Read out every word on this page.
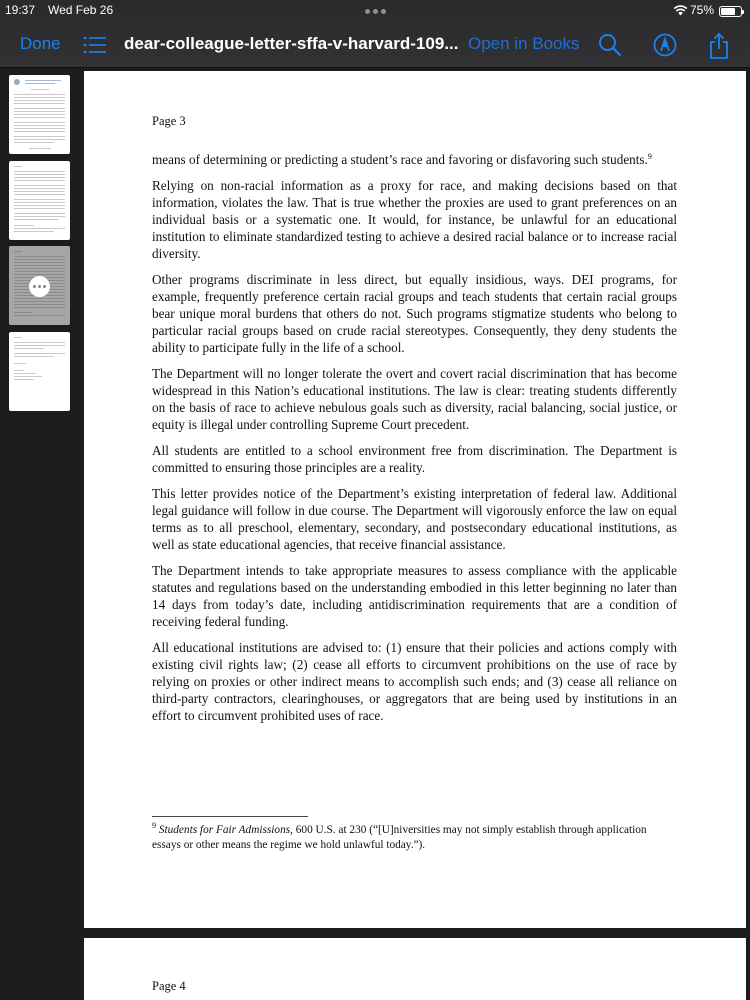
19:37 Wed Feb 26	75%
Done	dear-colleague-letter-sffa-v-harvard-109... Open in Books
Page 3

means of determining or predicting a student’s race and favoring or disfavoring such students.$^9$

Relying on non-racial information as a proxy for race, and making decisions based on that information, violates the law. That is true whether the proxies are used to grant preferences on an individual basis or a systematic one. It would, for instance, be unlawful for an educational institution to eliminate standardized testing to achieve a desired racial balance or to increase racial diversity.

Other programs discriminate in less direct, but equally insidious, ways. DEI programs, for example, frequently preference certain racial groups and teach students that certain racial groups bear unique moral burdens that others do not. Such programs stigmatize students who belong to particular racial groups based on crude racial stereotypes. Consequently, they deny students the ability to participate fully in the life of a school.

The Department will no longer tolerate the overt and covert racial discrimination that has become widespread in this Nation’s educational institutions. The law is clear: treating students differently on the basis of race to achieve nebulous goals such as diversity, racial balancing, social justice, or equity is illegal under controlling Supreme Court precedent.

All students are entitled to a school environment free from discrimination. The Department is committed to ensuring those principles are a reality.

This letter provides notice of the Department’s existing interpretation of federal law. Additional legal guidance will follow in due course. The Department will vigorously enforce the law on equal terms as to all preschool, elementary, secondary, and postsecondary educational institutions, as well as state educational agencies, that receive financial assistance.

The Department intends to take appropriate measures to assess compliance with the applicable statutes and regulations based on the understanding embodied in this letter beginning no later than 14 days from today’s date, including antidiscrimination requirements that are a condition of receiving federal funding.

All educational institutions are advised to: (1) ensure that their policies and actions comply with existing civil rights law; (2) cease all efforts to circumvent prohibitions on the use of race by relying on proxies or other indirect means to accomplish such ends; and (3) cease all reliance on third-party contractors, clearinghouses, or aggregators that are being used by institutions in an effort to circumvent prohibited uses of race.

$^9$ Students for Fair Admissions, 600 U.S. at 230 (“[U]niversities may not simply establish through application essays or other means the regime we hold unlawful today.”).
Page 4
